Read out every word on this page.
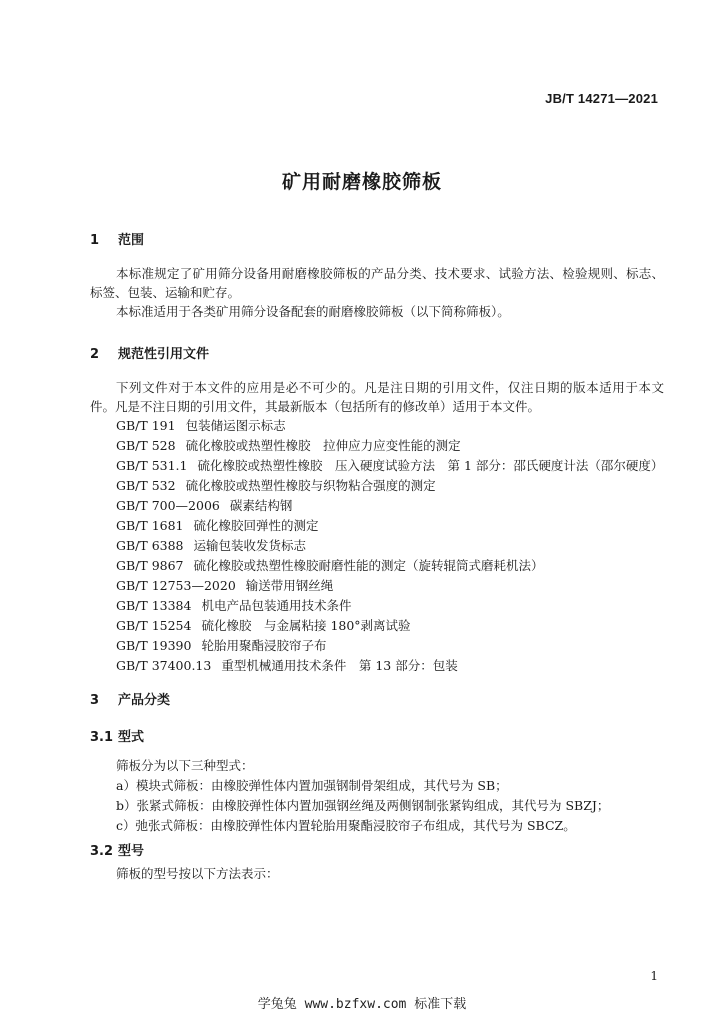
JB/T 14271—2021
矿用耐磨橡胶筛板
1 范围
本标准规定了矿用筛分设备用耐磨橡胶筛板的产品分类、技术要求、试验方法、检验规则、标志、标签、包装、运输和贮存。
本标准适用于各类矿用筛分设备配套的耐磨橡胶筛板（以下简称筛板）。
2 规范性引用文件
下列文件对于本文件的应用是必不可少的。凡是注日期的引用文件，仅注日期的版本适用于本文件。凡是不注日期的引用文件，其最新版本（包括所有的修改单）适用于本文件。
GB/T 191 包装储运图示标志
GB/T 528 硫化橡胶或热塑性橡胶　拉伸应力应变性能的测定
GB/T 531.1 硫化橡胶或热塑性橡胶　压入硬度试验方法　第 1 部分：邵氏硬度计法（邵尔硬度）
GB/T 532 硫化橡胶或热塑性橡胶与织物粘合强度的测定
GB/T 700—2006 碳素结构钢
GB/T 1681 硫化橡胶回弹性的测定
GB/T 6388 运输包装收发货标志
GB/T 9867 硫化橡胶或热塑性橡胶耐磨性能的测定（旋转辊筒式磨耗机法）
GB/T 12753—2020 输送带用钢丝绳
GB/T 13384 机电产品包装通用技术条件
GB/T 15254 硫化橡胶　与金属粘接 180°剥离试验
GB/T 19390 轮胎用聚酯浸胶帘子布
GB/T 37400.13 重型机械通用技术条件　第 13 部分：包装
3 产品分类
3.1 型式
筛板分为以下三种型式：
a）模块式筛板：由橡胶弹性体内置加强钢制骨架组成，其代号为 SB；
b）张紧式筛板：由橡胶弹性体内置加强钢丝绳及两侧钢制张紧钩组成，其代号为 SBZJ；
c）弛张式筛板：由橡胶弹性体内置轮胎用聚酯浸胶帘子布组成，其代号为 SBCZ。
3.2 型号
筛板的型号按以下方法表示：
1
学兔兔 www.bzfxw.com 标准下载
